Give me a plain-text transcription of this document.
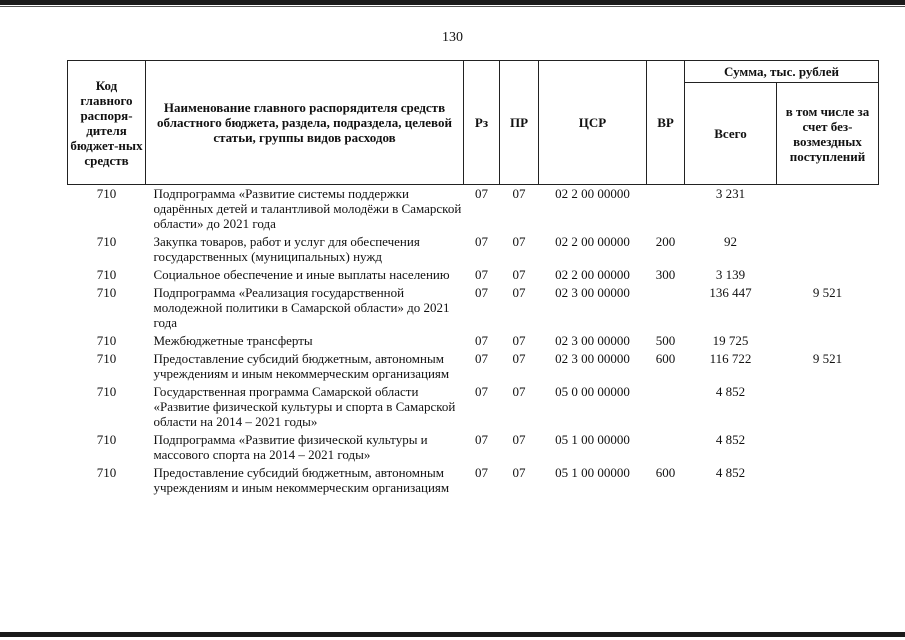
130
Код главного распоря-дителя бюджет-ных средств	Наименование главного распорядителя средств областного бюджета, раздела, подраздела, целевой статьи, группы видов расходов	Рз	ПР	ЦСР	ВР	Сумма, тыс. рублей	
						Всего	в том числе за счет без-возмездных поступлений
710	Подпрограмма «Развитие системы поддержки одарённых детей и талантливой молодёжи в Самарской области» до 2021 года	07	07	02 2 00 00000		3 231	
710	Закупка товаров, работ и услуг для обеспечения государственных (муниципальных) нужд	07	07	02 2 00 00000	200	92	
710	Социальное обеспечение и иные выплаты населению	07	07	02 2 00 00000	300	3 139	
710	Подпрограмма «Реализация государственной молодежной политики в Самарской области» до 2021 года	07	07	02 3 00 00000		136 447	9 521
710	Межбюджетные трансферты	07	07	02 3 00 00000	500	19 725	
710	Предоставление субсидий бюджетным, автономным учреждениям и иным некоммерческим организациям	07	07	02 3 00 00000	600	116 722	9 521
710	Государственная программа Самарской области «Развитие физической культуры и спорта в Самарской области на 2014 – 2021 годы»	07	07	05 0 00 00000		4 852	
710	Подпрограмма «Развитие физической культуры и массового спорта на 2014 – 2021 годы»	07	07	05 1 00 00000		4 852	
710	Предоставление субсидий бюджетным, автономным учреждениям и иным некоммерческим организациям	07	07	05 1 00 00000	600	4 852	
